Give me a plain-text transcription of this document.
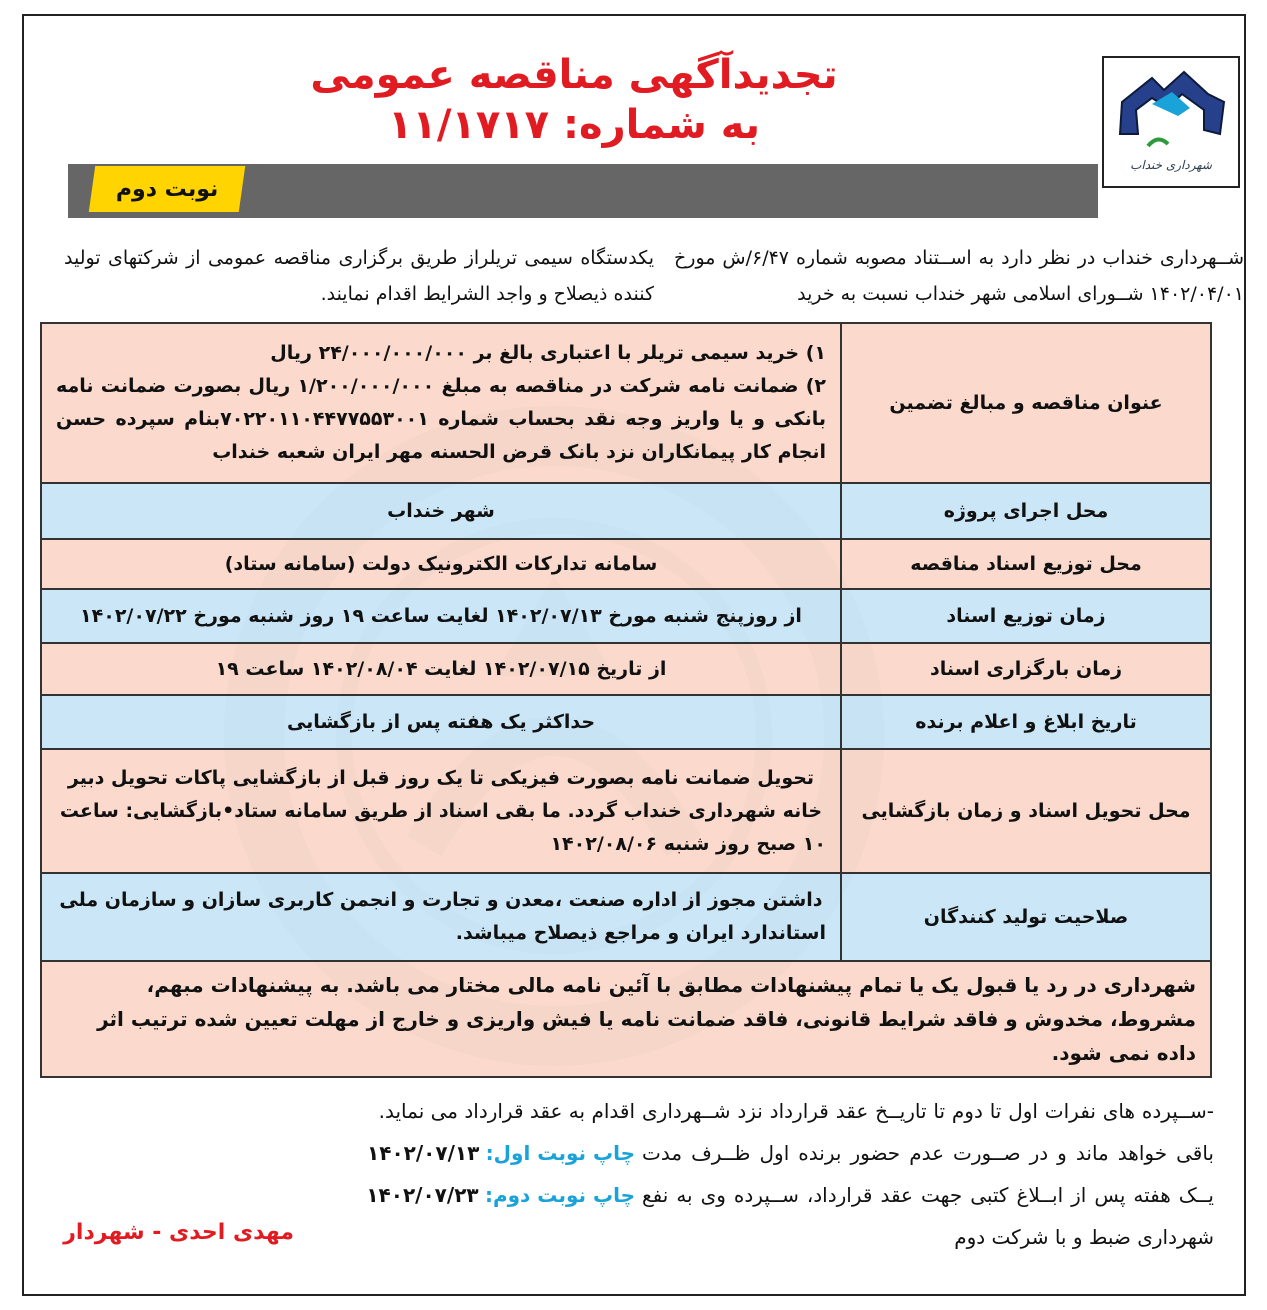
تجدیدآگهی مناقصه عمومی
به شماره: ۱۱/۱۷۱۷
شهرداری خنداب
نوبت دوم
شــهرداری خنداب در نظر دارد به اســتناد مصوبه شماره ۶/۴۷/ش مورخ ۱۴۰۲/۰۴/۰۱ شــورای اسلامی شهر خنداب نسبت به خرید
یکدستگاه سیمی تریلراز طریق برگزاری مناقصه عمومی از شرکتهای تولید کننده ذیصلاح و واجد الشرایط اقدام نمایند.
عنوان مناقصه و مبالغ تضمین	۱) خرید سیمی تریلر با اعتباری بالغ بر ۲۴/۰۰۰/۰۰۰/۰۰۰ ریال
۲) ضمانت نامه شرکت در مناقصه به مبلغ ۱/۲۰۰/۰۰۰/۰۰۰ ریال بصورت ضمانت نامه بانکی و یا واریز وجه نقد بحساب شماره ۷۰۲۲۰۱۱۰۴۴۷۷۵۵۳۰۰۱بنام سپرده حسن انجام کار پیمانکاران نزد بانک قرض الحسنه مهر ایران شعبه خنداب

محل اجرای پروژه	شهر خنداب
محل توزیع اسناد مناقصه	سامانه تدارکات الکترونیک دولت (سامانه ستاد)
زمان توزیع اسناد	از روزپنج شنبه مورخ ۱۴۰۲/۰۷/۱۳ لغایت ساعت ۱۹ روز شنبه مورخ ۱۴۰۲/۰۷/۲۲
زمان بارگزاری اسناد	از تاریخ ۱۴۰۲/۰۷/۱۵ لغایت ۱۴۰۲/۰۸/۰۴ ساعت ۱۹
تاریخ ابلاغ و اعلام برنده	حداکثر یک هفته پس از بازگشایی
محل تحویل اسناد و زمان بازگشایی	تحویل ضمانت نامه بصورت فیزیکی تا یک روز قبل از بازگشایی پاکات تحویل دبیر خانه شهرداری خنداب گردد. ما بقی اسناد از طریق سامانه ستاد•بازگشایی: ساعت ۱۰ صبح روز شنبه ۱۴۰۲/۰۸/۰۶
صلاحیت تولید کنندگان	داشتن مجوز از اداره صنعت ،معدن و تجارت و انجمن کاربری سازان و سازمان ملی استاندارد ایران و مراجع ذیصلاح میباشد.
شهرداری در رد یا قبول یک یا تمام پیشنهادات مطابق با آئین نامه مالی مختار می باشد. به پیشنهادات مبهم، مشروط، مخدوش و فاقد شرایط قانونی، فاقد ضمانت نامه یا فیش واریزی و خارج از مهلت تعیین شده ترتیب اثر داده نمی شود.	
-ســپرده های نفرات اول تا دوم تا تاریــخ عقد قرارداد نزد شــهرداری باقی خواهد ماند و در صــورت عدم حضور برنده اول ظــرف مدت یــک هفته پس از ابــلاغ کتبی جهت عقد قرارداد، ســپرده وی به نفع شهرداری ضبط و با شرکت دوم
اقدام به عقد قرارداد می نماید.
چاپ نوبت اول: ۱۴۰۲/۰۷/۱۳
چاپ نوبت دوم: ۱۴۰۲/۰۷/۲۳
مهدی احدی - شهردار
